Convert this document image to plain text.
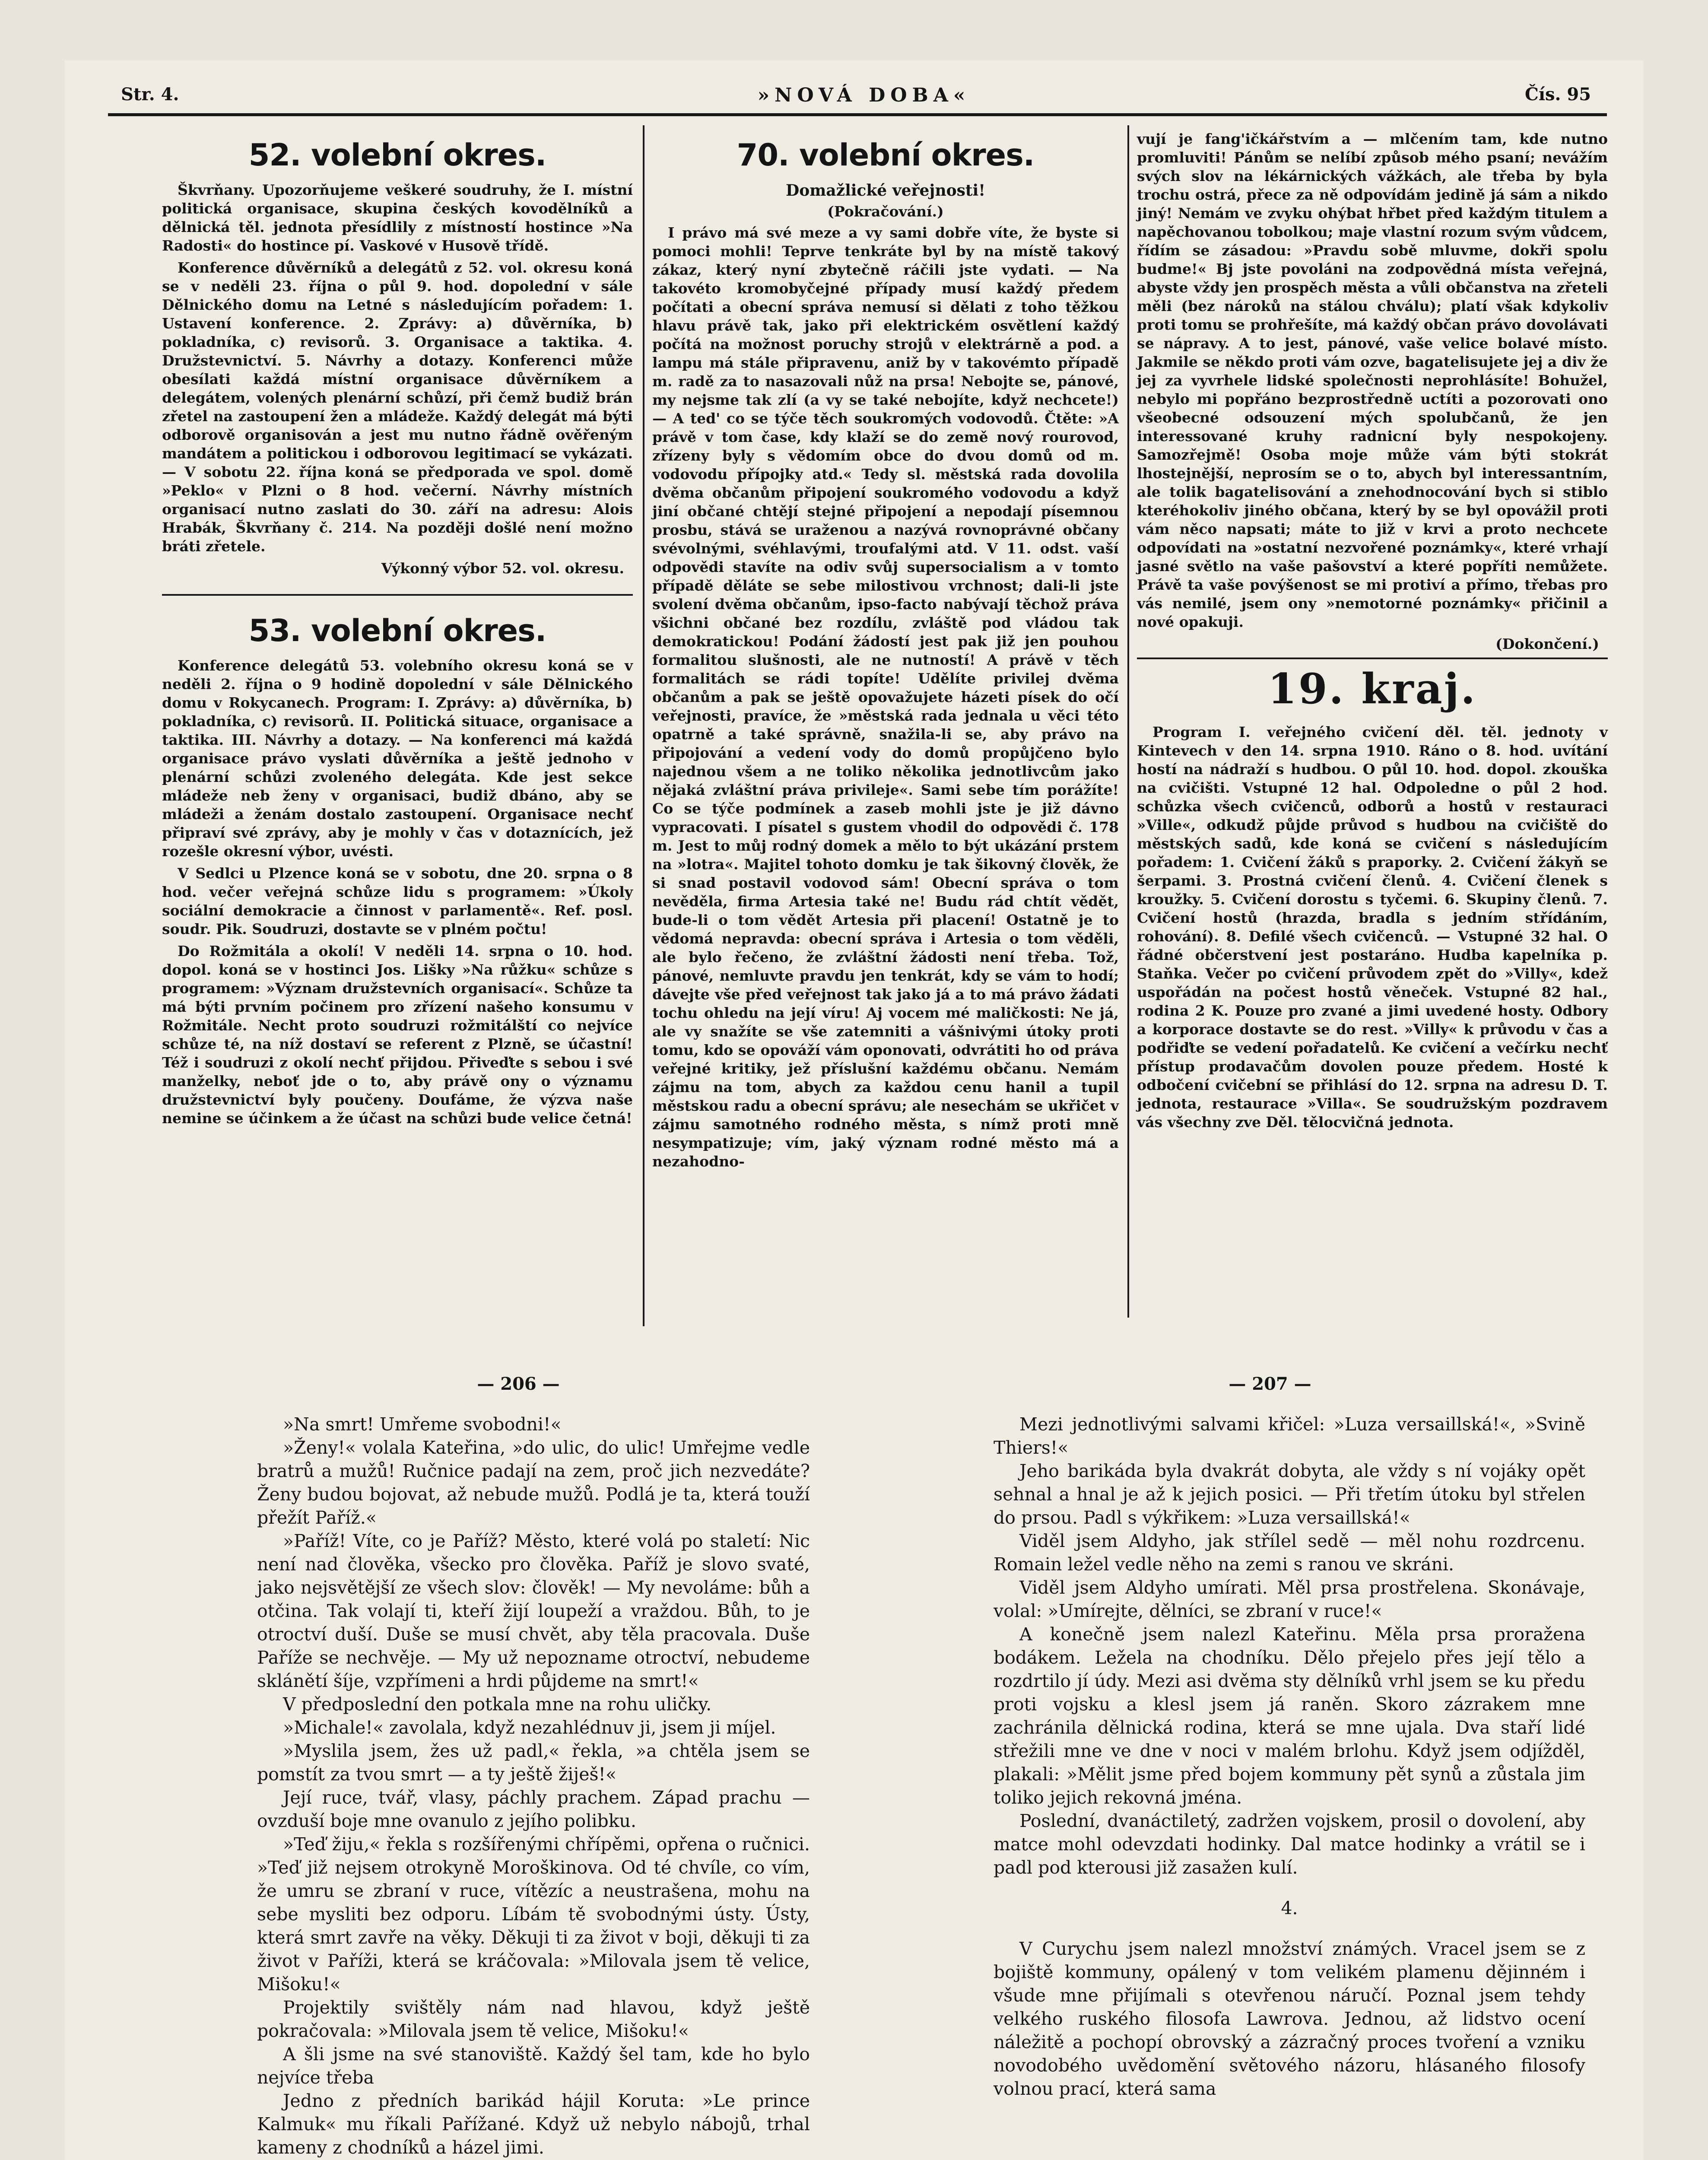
Str. 4.	»NOVÁ DOBA«	Čís. 95
52. volební okres.

Škvrňany. Upozorňujeme veškeré soudruhy, že I. místní politická organisace, skupina českých kovodělníků a dělnická těl. jednota přesídlily z místností hostince »Na Radosti« do hostince pí. Vaskové v Husově třídě.

Konference důvěrníků a delegátů z 52. vol. okresu koná se v neděli 23. října o půl 9. hod. dopolední v sále Dělnického domu na Letné s následujícím pořadem: 1. Ustavení konference. 2. Zprávy: a) důvěrníka, b) pokladníka, c) revisorů. 3. Organisace a taktika. 4. Družstevnictví. 5. Návrhy a dotazy. Konferenci může obesílati každá místní organisace důvěrníkem a delegátem, volených plenární schůzí, při čemž budiž brán zřetel na zastoupení žen a mládeže. Každý delegát má býti odborově organisován a jest mu nutno řádně ověřeným mandátem a politickou i odborovou legitimací se vykázati. — V sobotu 22. října koná se předporada ve spol. domě »Peklo« v Plzni o 8 hod. večerní. Návrhy místních organisací nutno zaslati do 30. září na adresu: Alois Hrabák, Škvrňany č. 214. Na později došlé není možno bráti zřetele.

Výkonný výbor 52. vol. okresu.

53. volební okres.

Konference delegátů 53. volebního okresu koná se v neděli 2. října o 9 hodině dopolední v sále Dělnického domu v Rokycanech. Program: I. Zprávy: a) důvěrníka, b) pokladníka, c) revisorů. II. Politická situace, organisace a taktika. III. Návrhy a dotazy. — Na konferenci má každá organisace právo vyslati důvěrníka a ještě jednoho v plenární schůzi zvoleného delegáta. Kde jest sekce mládeže neb ženy v organisaci, budiž dbáno, aby se mládeži a ženám dostalo zastoupení. Organisace nechť připraví své zprávy, aby je mohly v čas v dotaznících, jež rozešle okresní výbor, uvésti.

V Sedlci u Plzence koná se v sobotu, dne 20. srpna o 8 hod. večer veřejná schůze lidu s programem: »Úkoly sociální demokracie a činnost v parlamentě«. Ref. posl. soudr. Pik. Soudruzi, dostavte se v plném počtu!

Do Rožmitála a okolí! V neděli 14. srpna o 10. hod. dopol. koná se v hostinci Jos. Lišky »Na růžku« schůze s programem: »Význam družstevních organisací«. Schůze ta má býti prvním počinem pro zřízení našeho konsumu v Rožmitále. Necht proto soudruzi rožmitálští co nejvíce schůze té, na níž dostaví se referent z Plzně, se účastní! Též i soudruzi z okolí nechť přijdou. Přiveďte s sebou i své manželky, neboť jde o to, aby právě ony o významu družstevnictví byly poučeny. Doufáme, že výzva naše nemine se účinkem a že účast na schůzi bude velice četná!

70. volební okres.
Domažlické veřejnosti!
(Pokračování.)

I právo má své meze a vy sami dobře víte, že byste si pomoci mohli! Teprve tenkráte byl by na místě takový zákaz, který nyní zbytečně ráčili jste vydati. — Na takovéto kromobyčejné případy musí každý předem počítati a obecní správa nemusí si dělati z toho těžkou hlavu právě tak, jako při elektrickém osvětlení každý počítá na možnost poruchy strojů v elektrárně a pod. a lampu má stále připravenu, aniž by v takovémto případě m. radě za to nasazovali nůž na prsa! Nebojte se, pánové, my nejsme tak zlí (a vy se také nebojíte, když nechcete!) — A ted' co se týče těch soukromých vodovodů. Čtěte: »A právě v tom čase, kdy klaží se do země nový rourovod, zřízeny byly s vědomím obce do dvou domů od m. vodovodu přípojky atd.« Tedy sl. městská rada dovolila dvěma občanům připojení soukromého vodovodu a když jiní občané chtějí stejné připojení a nepodají písemnou prosbu, stává se uraženou a nazývá rovnoprávné občany svévolnými, svéhlavými, troufalými atd. V 11. odst. vaší odpovědi stavíte na odiv svůj supersocialism a v tomto případě děláte se sebe milostivou vrchnost; dali-li jste svolení dvěma občanům, ipso-facto nabývají těchož práva všichni občané bez rozdílu, zvláště pod vládou tak demokratickou! Podání žádostí jest pak již jen pouhou formalitou slušnosti, ale ne nutností! A právě v těch formalitách se rádi topíte! Udělíte privilej dvěma občanům a pak se ještě opovažujete házeti písek do očí veřejnosti, pravíce, že »městská rada jednala u věci této opatrně a také správně, snažila-li se, aby právo na připojování a vedení vody do domů propůjčeno bylo najednou všem a ne toliko několika jednotlivcům jako nějaká zvláštní práva privileje«. Sami sebe tím porážíte! Co se týče podmínek a zaseb mohli jste je již dávno vypracovati. I písatel s gustem vhodil do odpovědi č. 178 m. Jest to můj rodný domek a mělo to být ukázání prstem na »lotra«. Majitel tohoto domku je tak šikovný člověk, že si snad postavil vodovod sám! Obecní správa o tom nevěděla, firma Artesia také ne! Budu rád chtít vědět, bude-li o tom vědět Artesia při placení! Ostatně je to vědomá nepravda: obecní správa i Artesia o tom věděli, ale bylo řečeno, že zvláštní žádosti není třeba. Tož, pánové, nemluvte pravdu jen tenkrát, kdy se vám to hodí; dávejte vše před veřejnost tak jako já a to má právo žádati tochu ohledu na její víru! Aj vocem mé maličkosti: Ne já, ale vy snažíte se vše zatemniti a vášnivými útoky proti tomu, kdo se opováží vám oponovati, odvrátiti ho od práva veřejné kritiky, jež příslušní každému občanu. Nemám zájmu na tom, abych za každou cenu hanil a tupil městskou radu a obecní správu; ale nesechám se ukřičet v zájmu samotného rodného města, s nímž proti mně nesympatizuje; vím, jaký význam rodné město má a nezahodno-

vují je fang'ičkářstvím a — mlčením tam, kde nutno promluviti! Pánům se nelíbí způsob mého psaní; nevážím svých slov na lékárnických vážkách, ale třeba by byla trochu ostrá, přece za ně odpovídám jedině já sám a nikdo jiný! Nemám ve zvyku ohýbat hřbet před každým titulem a napěchovanou tobolkou; maje vlastní rozum svým vůdcem, řídím se zásadou: »Pravdu sobě mluvme, dokři spolu budme!« Bj jste povoláni na zodpovědná místa veřejná, abyste vždy jen prospěch města a vůli občanstva na zřeteli měli (bez nároků na stálou chválu); platí však kdykoliv proti tomu se prohřešíte, má každý občan právo dovolávati se nápravy. A to jest, pánové, vaše velice bolavé místo. Jakmile se někdo proti vám ozve, bagatelisujete jej a div že jej za vyvrhele lidské společnosti neprohlásíte! Bohužel, nebylo mi popřáno bezprostředně uctíti a pozorovati ono všeobecné odsouzení mých spolubčanů, že jen interessované kruhy radnicní byly nespokojeny. Samozřejmě! Osoba moje může vám býti stokrát lhostejnější, neprosím se o to, abych byl interessantním, ale tolik bagatelisování a znehodnocování bych si stiblo kteréhokoliv jiného občana, který by se byl opovážil proti vám něco napsati; máte to již v krvi a proto nechcete odpovídati na »ostatní nezvořené poznámky«, které vrhají jasné světlo na vaše pašovství a které popříti nemůžete. Právě ta vaše povýšenost se mi protiví a přímo, třebas pro vás nemilé, jsem ony »nemotorné poznámky« přičinil a nové opakuji.

(Dokončení.)

19. kraj.

Program I. veřejného cvičení děl. těl. jednoty v Kintevech v den 14. srpna 1910. Ráno o 8. hod. uvítání hostí na nádraží s hudbou. O půl 10. hod. dopol. zkouška na cvičišti. Vstupné 12 hal. Odpoledne o půl 2 hod. schůzka všech cvičenců, odborů a hostů v restauraci »Ville«, odkudž půjde průvod s hudbou na cvičiště do městských sadů, kde koná se cvičení s následujícím pořadem: 1. Cvičení žáků s praporky. 2. Cvičení žákyň se šerpami. 3. Prostná cvičení členů. 4. Cvičení členek s kroužky. 5. Cvičení dorostu s tyčemi. 6. Skupiny členů. 7. Cvičení hostů (hrazda, bradla s jedním střídáním, rohování). 8. Defilé všech cvičenců. — Vstupné 32 hal. O řádné občerstvení jest postaráno. Hudba kapelníka p. Staňka. Večer po cvičení průvodem zpět do »Villy«, kdež uspořádán na počest hostů věneček. Vstupné 82 hal., rodina 2 K. Pouze pro zvané a jimi uvedené hosty. Odbory a korporace dostavte se do rest. »Villy« k průvodu v čas a podřiďte se vedení pořadatelů. Ke cvičení a večírku nechť přístup prodavačům dovolen pouze předem. Hosté k odbočení cvičební se přihlásí do 12. srpna na adresu D. T. jednota, restaurace »Villa«. Se soudružským pozdravem vás všechny zve Děl. tělocvičná jednota.

— 206 —	— 207 —

»Na smrt! Umřeme svobodni!«

»Ženy!« volala Kateřina, »do ulic, do ulic! Umřejme vedle bratrů a mužů! Ručnice padají na zem, proč jich nezvedáte? Ženy budou bojovat, až nebude mužů. Podlá je ta, která touží přežít Paříž.«

»Paříž! Víte, co je Paříž? Město, které volá po staletí: Nic není nad člověka, všecko pro člověka. Paříž je slovo svaté, jako nejsvětější ze všech slov: člověk! — My nevoláme: bůh a otčina. Tak volají ti, kteří žijí loupeží a vraždou. Bůh, to je otroctví duší. Duše se musí chvět, aby těla pracovala. Duše Paříže se nechvěje. — My už nepozname otroctví, nebudeme sklánětí šíje, vzpřímeni a hrdi půjdeme na smrt!«

V předposlední den potkala mne na rohu uličky.

»Michale!« zavolala, když nezahlédnuv ji, jsem ji míjel.

»Myslila jsem, žes už padl,« řekla, »a chtěla jsem se pomstít za tvou smrt — a ty ještě žiješ!«

Její ruce, tvář, vlasy, páchly prachem. Západ prachu — ovzduší boje mne ovanulo z jejího polibku.

»Teď žiju,« řekla s rozšířenými chřípěmi, opřena o ručnici. »Teď již nejsem otrokyně Moroškinova. Od té chvíle, co vím, že umru se zbraní v ruce, vítězíc a neustrašena, mohu na sebe mysliti bez odporu. Líbám tě svobodnými ústy. Ústy, která smrt zavře na věky. Děkuji ti za život v boji, děkuji ti za život v Paříži, která se kráčovala: »Milovala jsem tě velice, Mišoku!«

Projektily svištěly nám nad hlavou, když ještě pokračovala: »Milovala jsem tě velice, Mišoku!«

A šli jsme na své stanoviště. Každý šel tam, kde ho bylo nejvíce třeba

Jedno z předních barikád hájil Koruta: »Le prince Kalmuk« mu říkali Pařížané. Když už nebylo nábojů, trhal kameny z chodníků a házel jimi.

Mezi jednotlivými salvami křičel: »Luza versaillská!«, »Svině Thiers!«

Jeho barikáda byla dvakrát dobyta, ale vždy s ní vojáky opět sehnal a hnal je až k jejich posici. — Při třetím útoku byl střelen do prsou. Padl s výkřikem: »Luza versaillská!«

Viděl jsem Aldyho, jak střílel sedě — měl nohu rozdrcenu. Romain ležel vedle něho na zemi s ranou ve skráni.

Viděl jsem Aldyho umírati. Měl prsa prostřelena. Skonávaje, volal: »Umírejte, dělníci, se zbraní v ruce!«

A konečně jsem nalezl Kateřinu. Měla prsa proražena bodákem. Ležela na chodníku. Dělo přejelo přes její tělo a rozdrtilo jí údy. Mezi asi dvěma sty dělníků vrhl jsem se ku předu proti vojsku a klesl jsem já raněn. Skoro zázrakem mne zachránila dělnická rodina, která se mne ujala. Dva staří lidé střežili mne ve dne v noci v malém brlohu. Když jsem odjížděl, plakali: »Mělit jsme před bojem kommuny pět synů a zůstala jim toliko jejich rekovná jména.

Poslední, dvanáctiletý, zadržen vojskem, prosil o dovolení, aby matce mohl odevzdati hodinky. Dal matce hodinky a vrátil se i padl pod kterousi již zasažen kulí.

4.

V Curychu jsem nalezl množství známých. Vracel jsem se z bojiště kommuny, opálený v tom velikém plamenu dějinném i všude mne přijímali s otevřenou náručí. Poznal jsem tehdy velkého ruského filosofa Lawrova. Jednou, až lidstvo ocení náležitě a pochopí obrovský a zázračný proces tvoření a vzniku novodobého uvědomění světového názoru, hlásaného filosofy volnou prací, která sama
